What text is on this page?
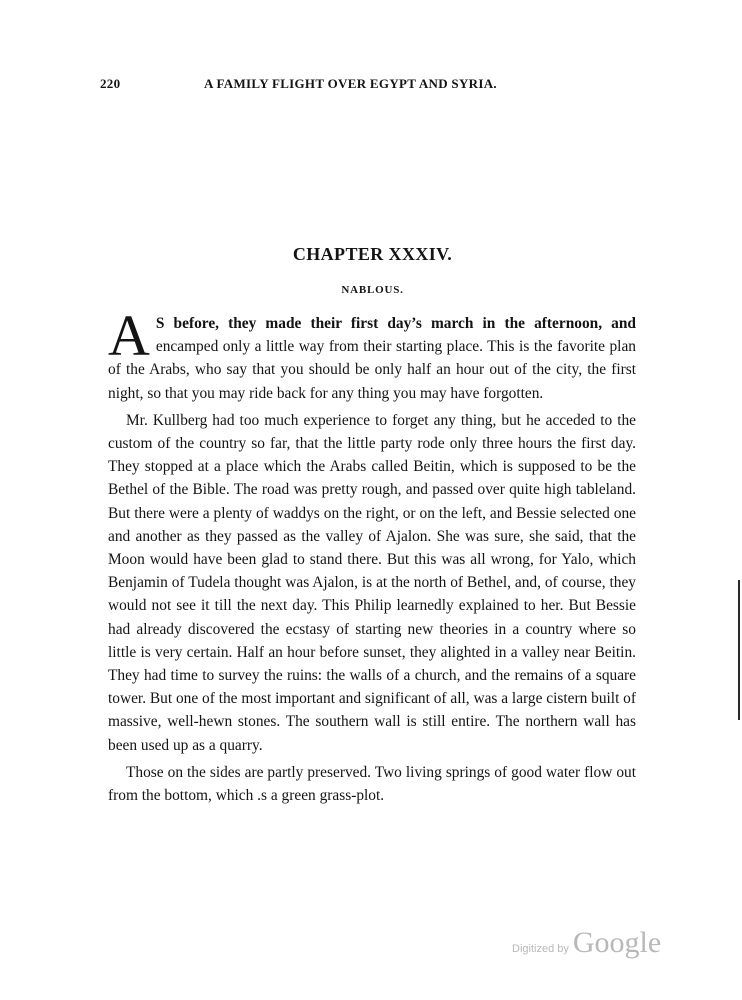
220	A FAMILY FLIGHT OVER EGYPT AND SYRIA.
CHAPTER XXXIV.
NABLOUS.

A S before, they made their first day’s march in the afternoon, and encamped only a little way from their starting place. This is the favorite plan of the Arabs, who say that you should be only half an hour out of the city, the first night, so that you may ride back for any thing you may have forgotten.

Mr. Kullberg had too much experience to forget any thing, but he acceded to the custom of the country so far, that the little party rode only three hours the first day. They stopped at a place which the Arabs called Beitin, which is supposed to be the Bethel of the Bible. The road was pretty rough, and passed over quite high tableland. But there were a plenty of waddys on the right, or on the left, and Bessie selected one and another as they passed as the valley of Ajalon. She was sure, she said, that the Moon would have been glad to stand there. But this was all wrong, for Yalo, which Benjamin of Tudela thought was Ajalon, is at the north of Bethel, and, of course, they would not see it till the next day. This Philip learnedly explained to her. But Bessie had already discovered the ecstasy of starting new theories in a country where so little is very certain. Half an hour before sunset, they alighted in a valley near Beitin. They had time to survey the ruins: the walls of a church, and the remains of a square tower. But one of the most important and significant of all, was a large cistern built of massive, well-hewn stones. The southern wall is still entire. The northern wall has been used up as a quarry.

Those on the sides are partly preserved. Two living springs of good water flow out from the bottom, which .s a green grass-plot.

Digitized by Google
